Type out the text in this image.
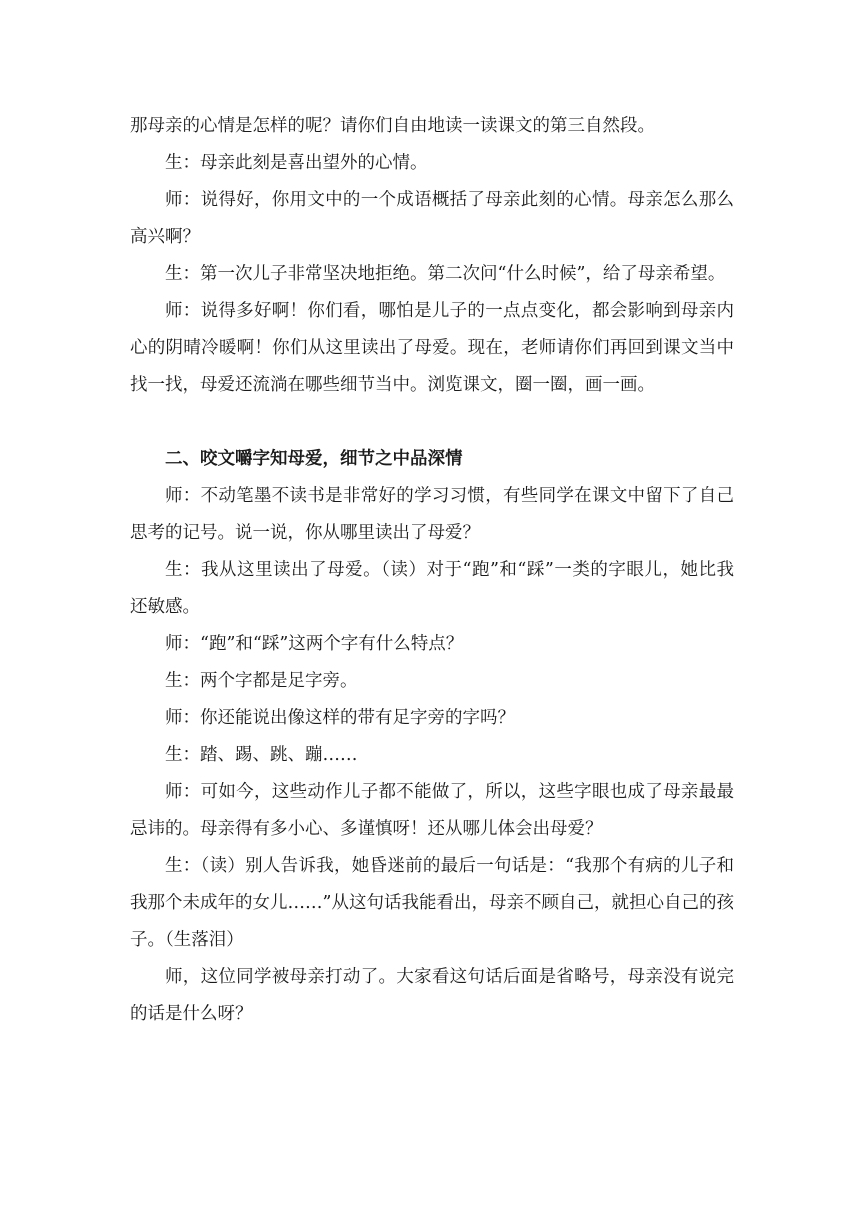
那母亲的心情是怎样的呢？请你们自由地读一读课文的第三自然段。

生：母亲此刻是喜出望外的心情。

师：说得好，你用文中的一个成语概括了母亲此刻的心情。母亲怎么那么高兴啊？

生：第一次儿子非常坚决地拒绝。第二次问“什么时候”，给了母亲希望。

师：说得多好啊！你们看，哪怕是儿子的一点点变化，都会影响到母亲内心的阴晴冷暖啊！你们从这里读出了母爱。现在，老师请你们再回到课文当中找一找，母爱还流淌在哪些细节当中。浏览课文，圈一圈，画一画。

二、咬文嚼字知母爱，细节之中品深情

师：不动笔墨不读书是非常好的学习习惯，有些同学在课文中留下了自己思考的记号。说一说，你从哪里读出了母爱？

生：我从这里读出了母爱。（读）对于“跑”和“踩”一类的字眼儿，她比我还敏感。

师：“跑”和“踩”这两个字有什么特点？

生：两个字都是足字旁。

师：你还能说出像这样的带有足字旁的字吗？

生：踏、踢、跳、蹦……

师：可如今，这些动作儿子都不能做了，所以，这些字眼也成了母亲最最忌讳的。母亲得有多小心、多谨慎呀！还从哪儿体会出母爱？

生：（读）别人告诉我，她昏迷前的最后一句话是：“我那个有病的儿子和我那个未成年的女儿……”从这句话我能看出，母亲不顾自己，就担心自己的孩子。（生落泪）

师，这位同学被母亲打动了。大家看这句话后面是省略号，母亲没有说完的话是什么呀？
